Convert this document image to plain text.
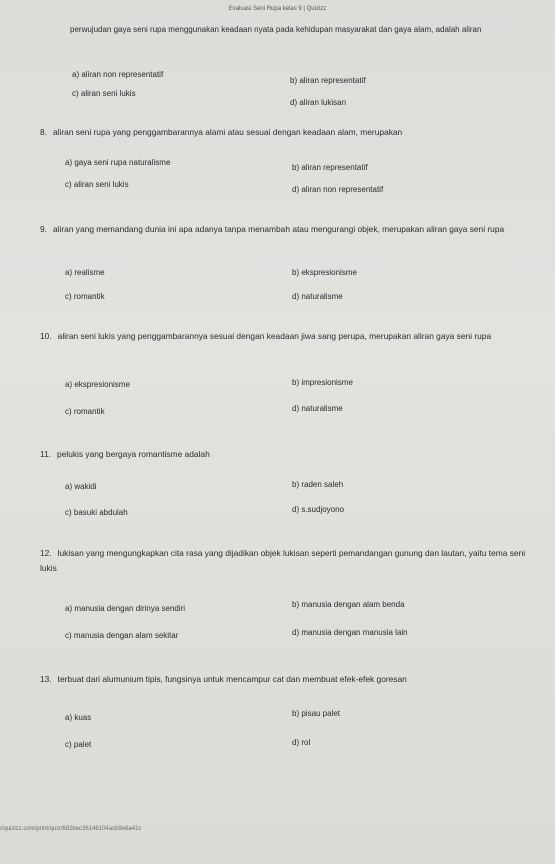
Evaluasi Seni Rupa kelas 9 | Quizizz
perwujudan gaya seni rupa menggunakan keadaan nyata pada kehidupan masyarakat dan gaya alam, adalah aliran
a) aliran non representatif
b) aliran representatif
c) aliran seni lukis
d) aliran lukisan
8. aliran seni rupa yang penggambarannya alami atau sesuai dengan keadaan alam, merupakan
a) gaya seni rupa naturalisme
b) aliran representatif
c) aliran seni lukis
d) aliran non representatif
9. aliran yang memandang dunia ini apa adanya tanpa menambah atau mengurangi objek, merupakan aliran gaya seni rupa
a) realisme	b) ekspresionisme
c) romantik	d) naturalisme
10. aliran seni lukis yang penggambarannya sesuai dengan keadaan jiwa sang perupa, merupakan aliran gaya seni rupa
a) ekspresionisme	b) impresionisme
c) romantik	d) naturalisme
11. pelukis yang bergaya romantisme adalah
a) wakidi	b) raden saleh
c) basuki abdulah	d) s.sudjoyono
12. lukisan yang mengungkapkan cita rasa yang dijadikan objek lukisan seperti pemandangan gunung dan lautan, yaitu tema seni lukis
a) manusia dengan dirinya sendiri	b) manusia dengan alam benda
c) manusia dengan alam sekitar	d) manusia dengan manusia lain
13. terbuat dari alumunium tipis, fungsinya untuk mencampur cat dan membuat efek-efek goresan
a) kuas	b) pisau palet
c) palet	d) rol
//quizizz.com/print/quiz/682bec36146104acb9e6a41c
